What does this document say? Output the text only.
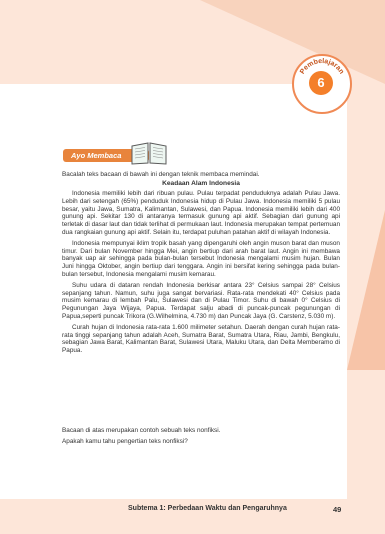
Pembelajaran
6
Ayo Membaca
Bacalah teks bacaan di bawah ini dengan teknik membaca memindai.
Keadaan Alam Indonesia

Indonesia memiliki lebih dari ribuan pulau. Pulau terpadat penduduknya adalah Pulau Jawa. Lebih dari setengah (65%) penduduk Indonesia hidup di Pulau Jawa. Indonesia memiliki 5 pulau besar, yaitu Jawa, Sumatra, Kalimantan, Sulawesi, dan Papua. Indonesia memiliki lebih dari 400 gunung api. Sekitar 130 di antaranya termasuk gunung api aktif. Sebagian dari gunung api terletak di dasar laut dan tidak terlihat di permukaan laut. Indonesia merupakan tempat pertemuan dua rangkaian gunung api aktif. Selain itu, terdapat puluhan patahan aktif di wilayah Indonesia.

Indonesia mempunyai iklim tropik basah yang dipengaruhi oleh angin muson barat dan muson timur. Dari bulan November hingga Mei, angin bertiup dari arah barat laut. Angin ini membawa banyak uap air sehingga pada bulan-bulan tersebut Indonesia mengalami musim hujan. Bulan Juni hingga Oktober, angin bertiup dari tenggara. Angin ini bersifat kering sehingga pada bulan-bulan tersebut, Indonesia mengalami musim kemarau.

Suhu udara di dataran rendah Indonesia berkisar antara 23° Celsius sampai 28° Celsius sepanjang tahun. Namun, suhu juga sangat bervariasi. Rata-rata mendekati 40° Celsius pada musim kemarau di lembah Palu, Sulawesi dan di Pulau Timor. Suhu di bawah 0° Celsius di Pegunungan Jaya Wijaya, Papua. Terdapat salju abadi di puncak-puncak pegunungan di Papua,seperti puncak Trikora (G.Wilhelmina, 4.730 m) dan Puncak Jaya (G. Carstenz, 5.030 m).

Curah hujan di Indonesia rata-rata 1.600 milimeter setahun. Daerah dengan curah hujan rata-rata tinggi sepanjang tahun adalah Aceh, Sumatra Barat, Sumatra Utara, Riau, Jambi, Bengkulu, sebagian Jawa Barat, Kalimantan Barat, Sulawesi Utara, Maluku Utara, dan Delta Memberamo di Papua.

Bacaan di atas merupakan contoh sebuah teks nonfiksi.
Apakah kamu tahu pengertian teks nonfiksi?
Subtema 1: Perbedaan Waktu dan Pengaruhnya	49
